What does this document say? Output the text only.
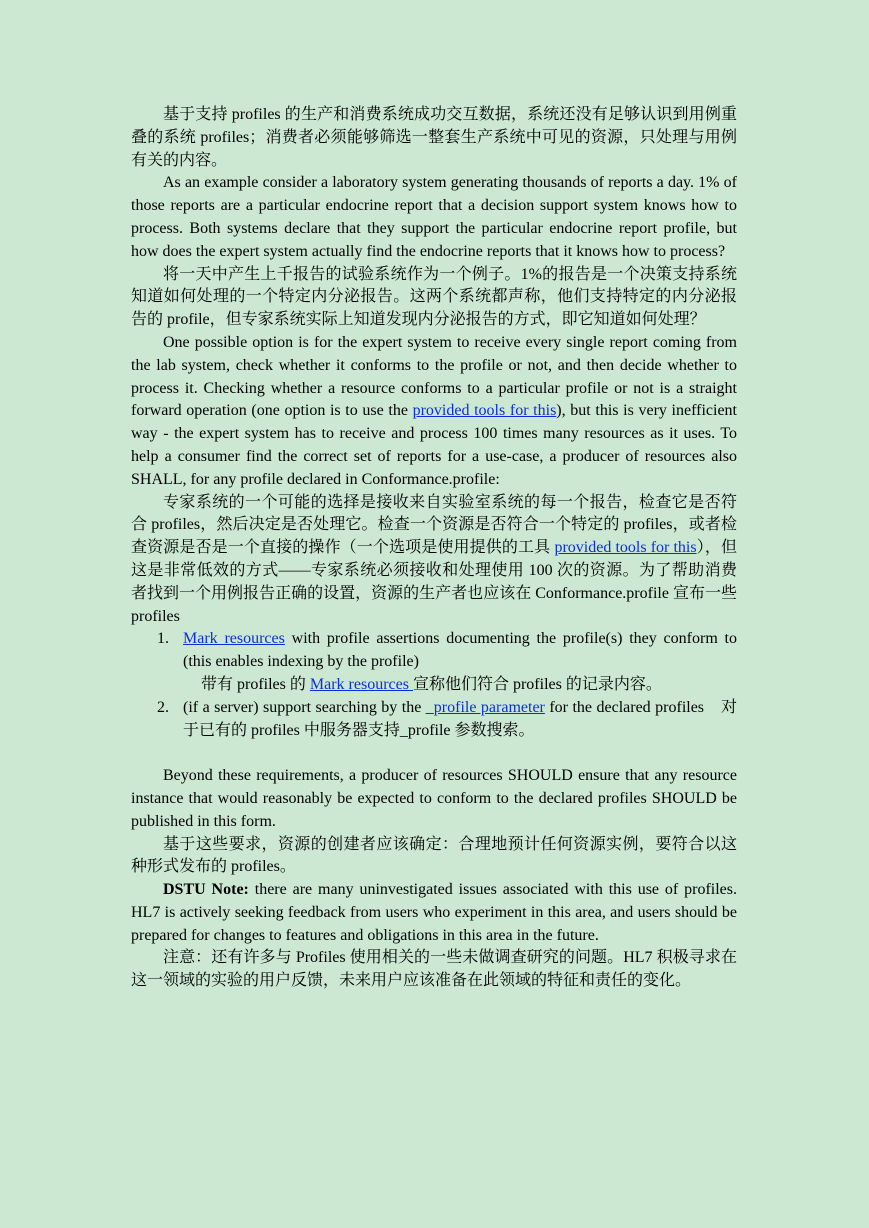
基于支持 profiles 的生产和消费系统成功交互数据，系统还没有足够认识到用例重叠的系统 profiles；消费者必须能够筛选一整套生产系统中可见的资源，只处理与用例有关的内容。

As an example consider a laboratory system generating thousands of reports a day. 1% of those reports are a particular endocrine report that a decision support system knows how to process. Both systems declare that they support the particular endocrine report profile, but how does the expert system actually find the endocrine reports that it knows how to process?

将一天中产生上千报告的试验系统作为一个例子。1%的报告是一个决策支持系统知道如何处理的一个特定内分泌报告。这两个系统都声称，他们支持特定的内分泌报告的 profile，但专家系统实际上知道发现内分泌报告的方式，即它知道如何处理？

One possible option is for the expert system to receive every single report coming from the lab system, check whether it conforms to the profile or not, and then decide whether to process it. Checking whether a resource conforms to a particular profile or not is a straight forward operation (one option is to use the provided tools for this), but this is very inefficient way - the expert system has to receive and process 100 times many resources as it uses. To help a consumer find the correct set of reports for a use-case, a producer of resources also SHALL, for any profile declared in Conformance.profile:

专家系统的一个可能的选择是接收来自实验室系统的每一个报告，检查它是否符合 profiles，然后决定是否处理它。检查一个资源是否符合一个特定的 profiles，或者检查资源是否是一个直接的操作（一个选项是使用提供的工具 provided tools for this），但这是非常低效的方式——专家系统必须接收和处理使用 100 次的资源。为了帮助消费者找到一个用例报告正确的设置，资源的生产者也应该在 Conformance.profile 宣布一些 profiles

1. Mark resources with profile assertions documenting the profile(s) they conform to (this enables indexing by the profile)
带有 profiles 的 Mark resources 宣称他们符合 profiles 的记录内容。
2. (if a server) support searching by the _profile parameter for the declared profiles　对于已有的 profiles 中服务器支持_profile 参数搜索。

Beyond these requirements, a producer of resources SHOULD ensure that any resource instance that would reasonably be expected to conform to the declared profiles SHOULD be published in this form.

基于这些要求，资源的创建者应该确定：合理地预计任何资源实例，要符合以这种形式发布的 profiles。

DSTU Note: there are many uninvestigated issues associated with this use of profiles. HL7 is actively seeking feedback from users who experiment in this area, and users should be prepared for changes to features and obligations in this area in the future.

注意：还有许多与 Profiles 使用相关的一些未做调查研究的问题。HL7 积极寻求在这一领域的实验的用户反馈，未来用户应该准备在此领域的特征和责任的变化。
